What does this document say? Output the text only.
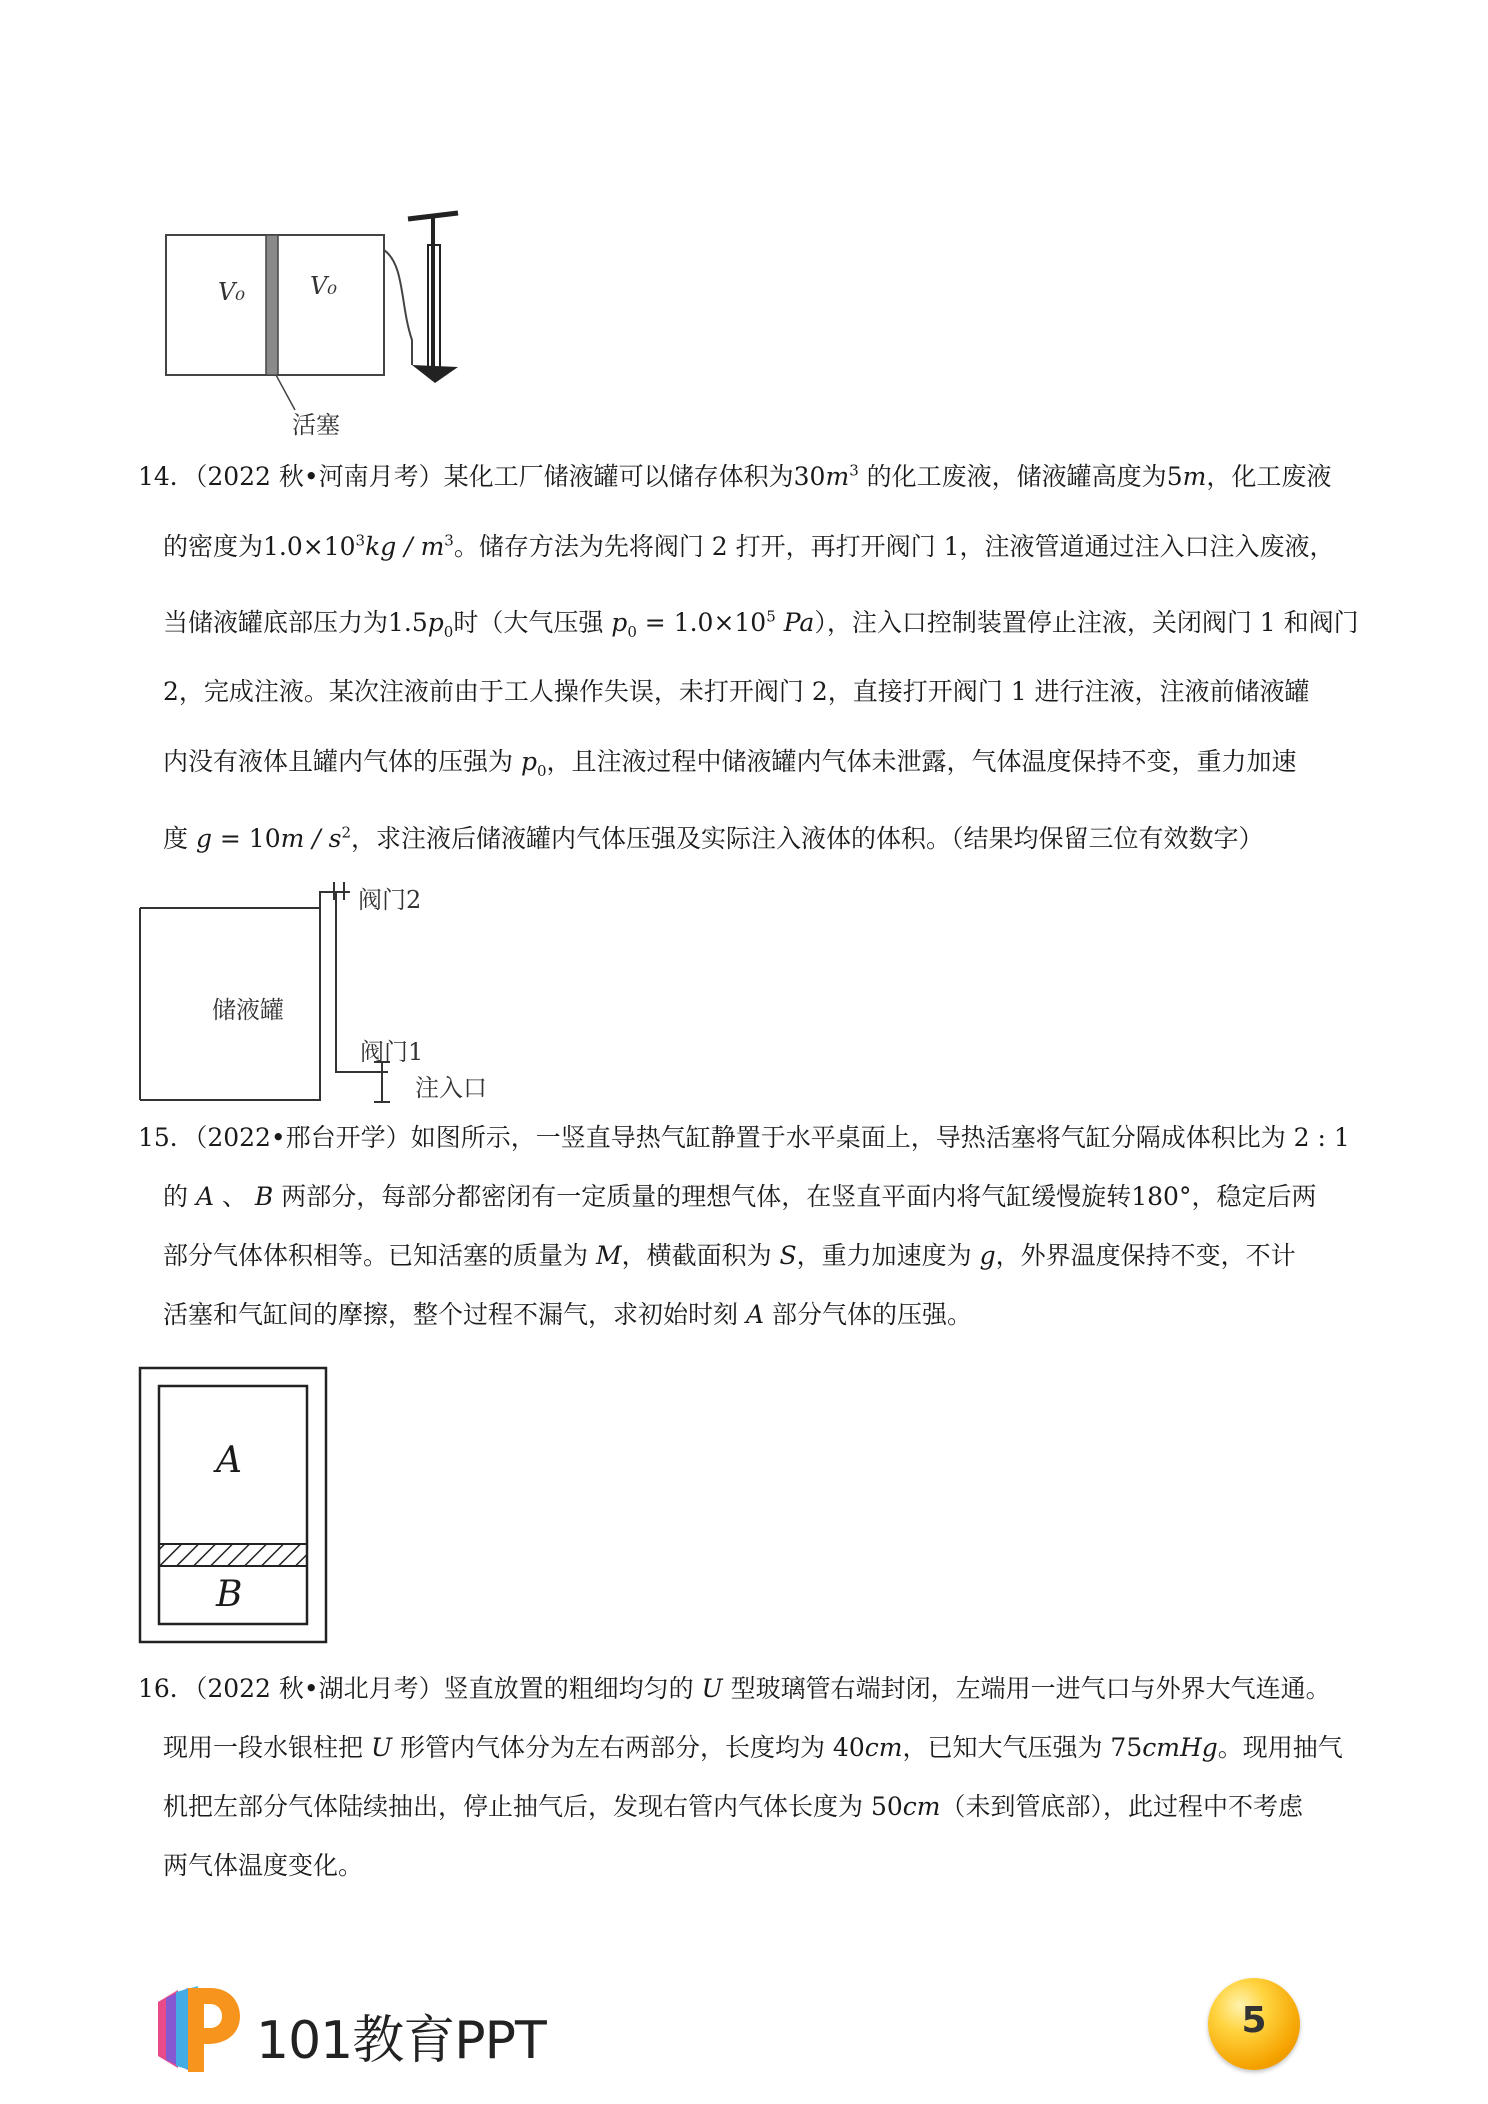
V₀	V₀
活塞
14．（2022 秋•河南月考）某化工厂储液罐可以储存体积为$30m^3$ 的化工废液，储液罐高度为5m，化工废液
的密度为$1.0\times 10^3kg / m^3$。储存方法为先将阀门 2 打开，再打开阀门 1，注液管道通过注入口注入废液，
当储液罐底部压力为$1.5p_0$时（大气压强 $p_0 = 1.0\times 10^5$ Pa），注入口控制装置停止注液，关闭阀门 1 和阀门
2，完成注液。某次注液前由于工人操作失误，未打开阀门 2，直接打开阀门 1 进行注液，注液前储液罐
内没有液体且罐内气体的压强为 $p_0$，且注液过程中储液罐内气体未泄露，气体温度保持不变，重力加速
度 $g = 10m / s^2$，求注液后储液罐内气体压强及实际注入液体的体积。（结果均保留三位有效数字）
储液罐
阀门2
阀门1
注入口
15．（2022•邢台开学）如图所示，一竖直导热气缸静置于水平桌面上，导热活塞将气缸分隔成体积比为 2 : 1
的 A 、 B 两部分，每部分都密闭有一定质量的理想气体，在竖直平面内将气缸缓慢旋转180°，稳定后两
部分气体体积相等。已知活塞的质量为 M，横截面积为 S，重力加速度为 g，外界温度保持不变，不计
活塞和气缸间的摩擦，整个过程不漏气，求初始时刻 A 部分气体的压强。
A
B
16．（2022 秋•湖北月考）竖直放置的粗细均匀的 U 型玻璃管右端封闭，左端用一进气口与外界大气连通。
现用一段水银柱把 U 形管内气体分为左右两部分，长度均为 40cm，已知大气压强为 75cmHg。现用抽气
机把左部分气体陆续抽出，停止抽气后，发现右管内气体长度为 50cm（未到管底部），此过程中不考虑
两气体温度变化。
101教育PPT	5
